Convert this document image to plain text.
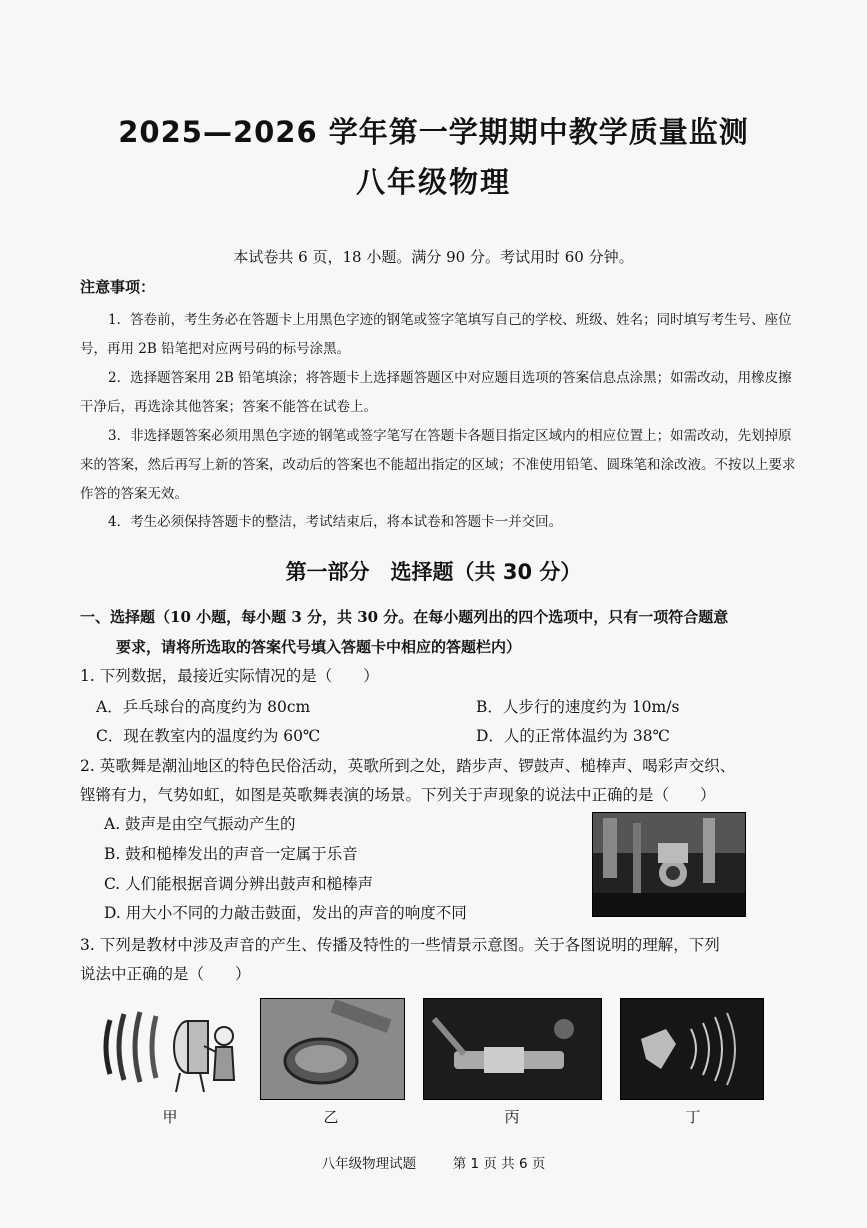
2025—2026 学年第一学期期中教学质量监测
八年级物理
本试卷共 6 页，18 小题。满分 90 分。考试用时 60 分钟。
注意事项：
1．答卷前，考生务必在答题卡上用黑色字迹的钢笔或签字笔填写自己的学校、班级、姓名；同时填写考生号、座位号，再用 2B 铅笔把对应两号码的标号涂黑。
2．选择题答案用 2B 铅笔填涂；将答题卡上选择题答题区中对应题目选项的答案信息点涂黑；如需改动，用橡皮擦干净后，再选涂其他答案；答案不能答在试卷上。
3．非选择题答案必须用黑色字迹的钢笔或签字笔写在答题卡各题目指定区域内的相应位置上；如需改动，先划掉原来的答案，然后再写上新的答案，改动后的答案也不能超出指定的区域；不准使用铅笔、圆珠笔和涂改液。不按以上要求作答的答案无效。
4．考生必须保持答题卡的整洁，考试结束后，将本试卷和答题卡一并交回。
第一部分　选择题（共 30 分）
一、选择题（10 小题，每小题 3 分，共 30 分。在每小题列出的四个选项中，只有一项符合题意
要求，请将所选取的答案代号填入答题卡中相应的答题栏内）
1. 下列数据，最接近实际情况的是（　　）
A．乒乓球台的高度约为 80cm	B．人步行的速度约为 10m/s
C．现在教室内的温度约为 60℃	D．人的正常体温约为 38℃
2. 英歌舞是潮汕地区的特色民俗活动，英歌所到之处，踏步声、锣鼓声、槌棒声、喝彩声交织、
铿锵有力，气势如虹，如图是英歌舞表演的场景。下列关于声现象的说法中正确的是（　　）
A. 鼓声是由空气振动产生的
B. 鼓和槌棒发出的声音一定属于乐音
C. 人们能根据音调分辨出鼓声和槌棒声
D. 用大小不同的力敲击鼓面，发出的声音的响度不同
3. 下列是教材中涉及声音的产生、传播及特性的一些情景示意图。关于各图说明的理解，下列
说法中正确的是（　　）
甲	乙	丙	丁
八年级物理试题	第 1 页 共 6 页
